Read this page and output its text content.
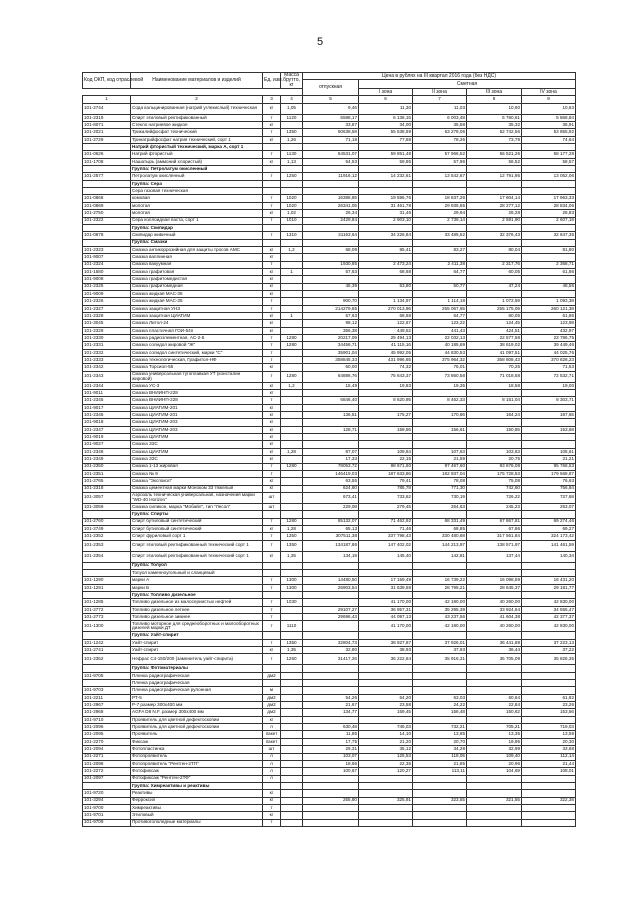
5
Код ОКП, код отраслевой	Наименование материалов и изделий	Ед. изм.	Масса брутто, кг	Цена в рублях на III квартал 2016 года (без НДС)				
				отпускная	Сметная			
					I зона	II зона	III зона	IV зона
1	2	3	4	5	6	7	8	9
101-2744	Сода кальцинированная (натрий углекислый) техническая	кг	1,05	9,46	11,30	11,03	10,60	10,63
101-2319	Спирт этиловый ректификованный	т	1120	5588,17	6 136,15	6 003,48	5 760,61	5 868,84
101-8071	Стекло натриевое жидкое	кг		33,87	34,00	35,58	35,32	35,91
101-2021	Трикалийфосфат технический	т	1350	50638,58	55 538,59	53 278,06	52 742,56	53 855,92
101-2729	Тринатрийфосфат натрия технический, сорт 1	кг	1,26	71,18	77,58	78,26	73,79	74,64
	Натрий фтористый технический, марка А, сорт 1							
101-0626	Натрий фтористый	т	1130	54531,07	59 851,48	57 966,52	56 521,26	58 177,28
101-1708	Нашатырь (аммоний хлористый)	кг	1,13	54,53	59,85	57,96	56,52	58,57
	Группа: Петролатум окисленный							
101-2577	Петролатум окисленный	т	1250	11916,12	14 232,61	13 542,67	12 791,95	13 052,06
	Группа: Сера							
	Сера газовая техническая							
101-0868	комовая	т	1020	16388,85	19 596,76	18 637,26	17 604,14	17 963,33
101-0869	молотая	т	1020	26341,05	31 461,78	29 935,65	28 277,12	28 834,06
101-2750	молотая	кг	1,02	26,34	31,46	29,94	28,28	28,83
101-2322	Сера коллоидная паста, сорт 1	т	1010	2429,84	2 903,10	2 739,14	2 591,90	2 607,18
	Группа: Скипидар							
101-0878	Скипидар живичный	т	1310	31163,64	34 226,84	33 485,52	32 376,43	32 847,35
	Группа: Смазки							
101-2323	Смазка антикоррозийная для защиты тросов АМС	кг	1,2	68,08	85,41	83,27	80,04	81,80
101-9007	Смазка ваплинная	кг						
101-2324	Смазка вакуумная	т		1930,85	2 473,24	2 411,38	2 317,76	2 368,71
101-1580	Смазка графитовая	кг	1	57,63	68,68	64,77	60,05	61,86
101-9008	Смазка графитомедистая	кг						
101-2325	Смазка графитомедная	кг		45,39	53,80	50,77	47,24	48,56
101-9009	Смазка жидкая МАС-35	кг						
101-2326	Смазка жидкая МАС-35	т		900,70	1 134,97	1 114,18	1 072,59	1 093,38
101-2327	Смазка защитная УНЗ	т		214279,85	270 013,96	265 067,65	255 175,09	260 121,38
101-2328	Смазка защитная ЦИАТИМ	кг	1	57,63	68,68	64,77	60,05	61,86
101-3045	Смазка Литол-24	кг		98,12	122,67	123,22	124,45	123,98
101-2329	Смазка пластичная ГОИ-54п	кг		356,38	449,52	441,43	424,51	432,97
101-2330	Смазка радиоэлементная, АС-2-5	т	1280	20217,09	25 494,13	22 032,13	22 577,58	23 786,75
101-2331	Смазка солидол жировой "Ж"	т	1280	34456,71	41 115,16	40 185,69	38 619,02	39 449,46
101-2332	Смазка солидол синтетический, марки "С"	т		35901,04	45 992,05	44 830,53	41 097,51	44 025,76
101-2333	Смазка технологическая, Графитол-НФ	т		358845,33	431 996,65	375 964,32	358 808,43	370 828,23
101-2342	Смазка Торсиол-55	кг		50,00	74,32	75,01	70,25	71,63
101-2343	Смазка универсальная тугоплавкая УТ (консталин жировой)	т	1280	64886,76	75 643,37	73 860,58	71 018,58	72 532,71
101-2344	Смазка УС-3	кг	1,2	15,49	19,83	19,35	18,58	19,00
101-9011	Смазка ВНИИНП-228	кг						
101-2345	Смазка ВНИИНП-228	т		6846,40	8 620,95	8 462,33	8 151,04	8 303,71
101-9017	Смазка ЦИАТИМ-201	кг						
101-2346	Смазка ЦИАТИМ-201	кг		136,51	175,27	170,86	164,24	167,65
101-9018	Смазка ЦИАТИМ-203	кг						
101-2347	Смазка ЦИАТИМ-203	кг		128,71	159,55	156,61	150,85	153,68
101-9019	Смазка ЦИАТИМ	кг						
101-9027	Смазка ЗЗС	кг						
101-2348	Смазка ЦИАТИМ	кг	1,28	87,07	109,64	107,63	103,63	105,61
101-2349	Смазка ЗЗС	кг		17,33	22,15	21,59	20,75	21,21
101-2350	Смазка 1-13 жировая	т	1280	78053,72	98 671,60	97 467,60	93 676,08	95 768,53
101-2351	Смазка № 9	т		146419,03	187 633,86	182 937,04	175 728,53	179 568,87
101-2765	Смазка "Экспокол"	кг		63,55	79,41	78,08	75,08	76,63
101-2318	Смазка цементная марки Моноком 33 тяжелый	кг		624,60	785,78	771,30	742,60	756,84
101-3057	Аэрозоль техническая универсальная, назначения марки "WD-40 Horizon"	шт		673,41	733,62	730,19	726,22	727,68
101-3059	Смазка силикон, марка "Мобайл", тип "Лесол"	шт		229,08	279,45	264,63	245,23	253,07
	Группа: Спирты							
101-2760	Спирт бутиловый синтетический	т	1280	65132,07	71 462,92	68 331,49	67 867,81	69 274,46
101-2749	Спирт бутиловый синтетический	кг	1,28	65,13	71,46	68,85	67,86	69,27
101-2352	Спирт фуриловый сорт 1	т	1350	307511,38	337 798,43	330 480,68	317 561,84	324 173,42
101-2353	Спирт этиловый ректификованный технический сорт 1	т	1350	134187,86	147 402,02	144 213,97	138 571,97	141 461,59
101-2354	Спирт этиловый ректификованный технический сорт 1	кг	1,35	134,19	145,40	142,81	137,44	140,34
	Группа: Толуол							
	Толуол каменноугольный и сланцевый							
101-1290	марки А	т	1300	14480,50	17 159,49	16 739,22	16 098,59	16 431,20
101-1291	марки Б	т	1300	26903,54	31 639,59	28 795,21	28 645,37	29 181,77
	Группа: Топливо дизельное							
101-1285	Топливо дизельное из малосернистых нефтей	т	1030		41 170,00	42 180,00	40 260,00	42 830,00
101-2772	Топливо дизельное летнее	т		29107,27	36 957,31	35 295,39	33 924,64	34 555,47
101-2773	Топливо дизельное зимнее	т		29696,43	44 097,13	43 237,56	41 604,38	42 377,37
101-1300	Топливо моторное для среднеоборотных и малооборотных дизелей марки ДТ	т	1110		41 170,00	42 180,00	40 260,00	42 830,00
	Группа: Уайт-спирит							
101-1242	Уайт-спирит	т	1350	32804,73	38 927,87	37 926,01	36 441,89	37 223,13
101-2741	Уайт-спирит	кг	1,35	32,80	38,93	37,93	36,44	37,22
101-2352	Нефрас С4-150/200 (заменитель уайт-спирита)	т	1250	31417,26	36 222,84	35 916,31	35 705,09	35 826,35
	Группа: Фотоматериалы							
101-9705	Пленка радиографическая	дм2						
	Пленка радиографическая							
101-9703	Пленка радиографическая рулонная	м						
101-2211	РТ-5	дм2		54,26	64,20	63,03	60,64	61,82
101-2967	Р-7 размер 300х400 мм	дм2		21,67	23,58	24,22	22,84	23,26
101-2968	AGFA D8 N.F. размер 300х400 мм	дм2		134,77	159,45	156,48	150,62	153,56
101-9710	Проявитель для цветной дефектоскопии	кг						
101-2096	Проявитель для цветной дефектоскопии	л		630,48	746,03	732,21	705,21	719,03
101-2095	Проявитель	пакет		11,85	14,10	13,85	13,35	13,59
101-2270	Фиксаж	пакет		17,75	21,20	20,70	19,95	20,30
101-2094	Фотопластинка	шт		29,31	35,12	34,28	32,99	33,68
101-2271	Фотопроявитель	л		103,07	125,53	118,05	109,40	112,14
101-2098	Фотопроявитель "Рентген-2ТП"	л		18,66	22,35	21,85	20,96	21,44
101-2272	Фотофиксаж	л		100,67	120,27	113,11	104,69	108,01
101-2097	Фотофиксаж "Рентген-2ТФ"	л						
	Группа: Химреактивы и реактивы							
101-9720	Реактивы	кг						
101-3294	Ферроксил	кг		255,80	325,91	323,55	321,55	322,38
101-9700	Химреактивы	т						
101-9701	Этиловый	кг						
101-9709	Противогололедные материалы	т						
